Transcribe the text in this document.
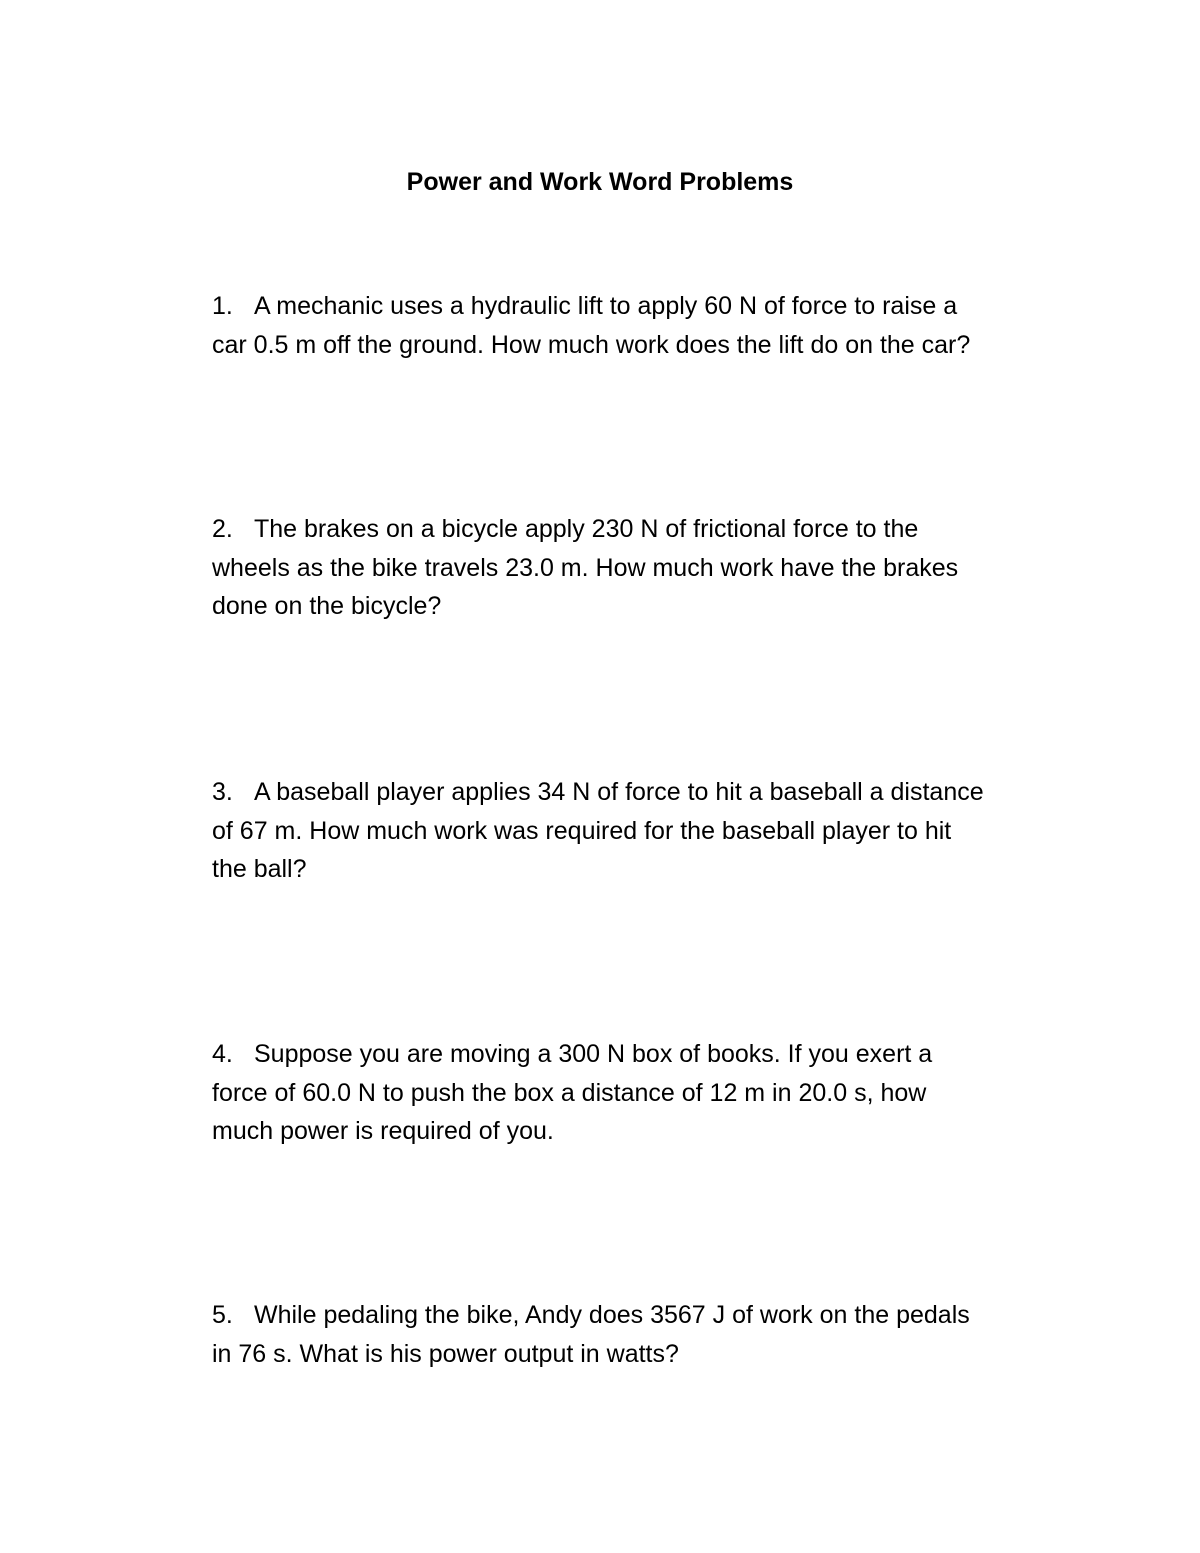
Power and Work Word Problems
1. A mechanic uses a hydraulic lift to apply 60 N of force to raise a
car 0.5 m off the ground. How much work does the lift do on the car?
2. The brakes on a bicycle apply 230 N of frictional force to the
wheels as the bike travels 23.0 m. How much work have the brakes
done on the bicycle?
3. A baseball player applies 34 N of force to hit a baseball a distance
of 67 m. How much work was required for the baseball player to hit
the ball?
4. Suppose you are moving a 300 N box of books. If you exert a
force of 60.0 N to push the box a distance of 12 m in 20.0 s, how
much power is required of you.
5. While pedaling the bike, Andy does 3567 J of work on the pedals
in 76 s. What is his power output in watts?
